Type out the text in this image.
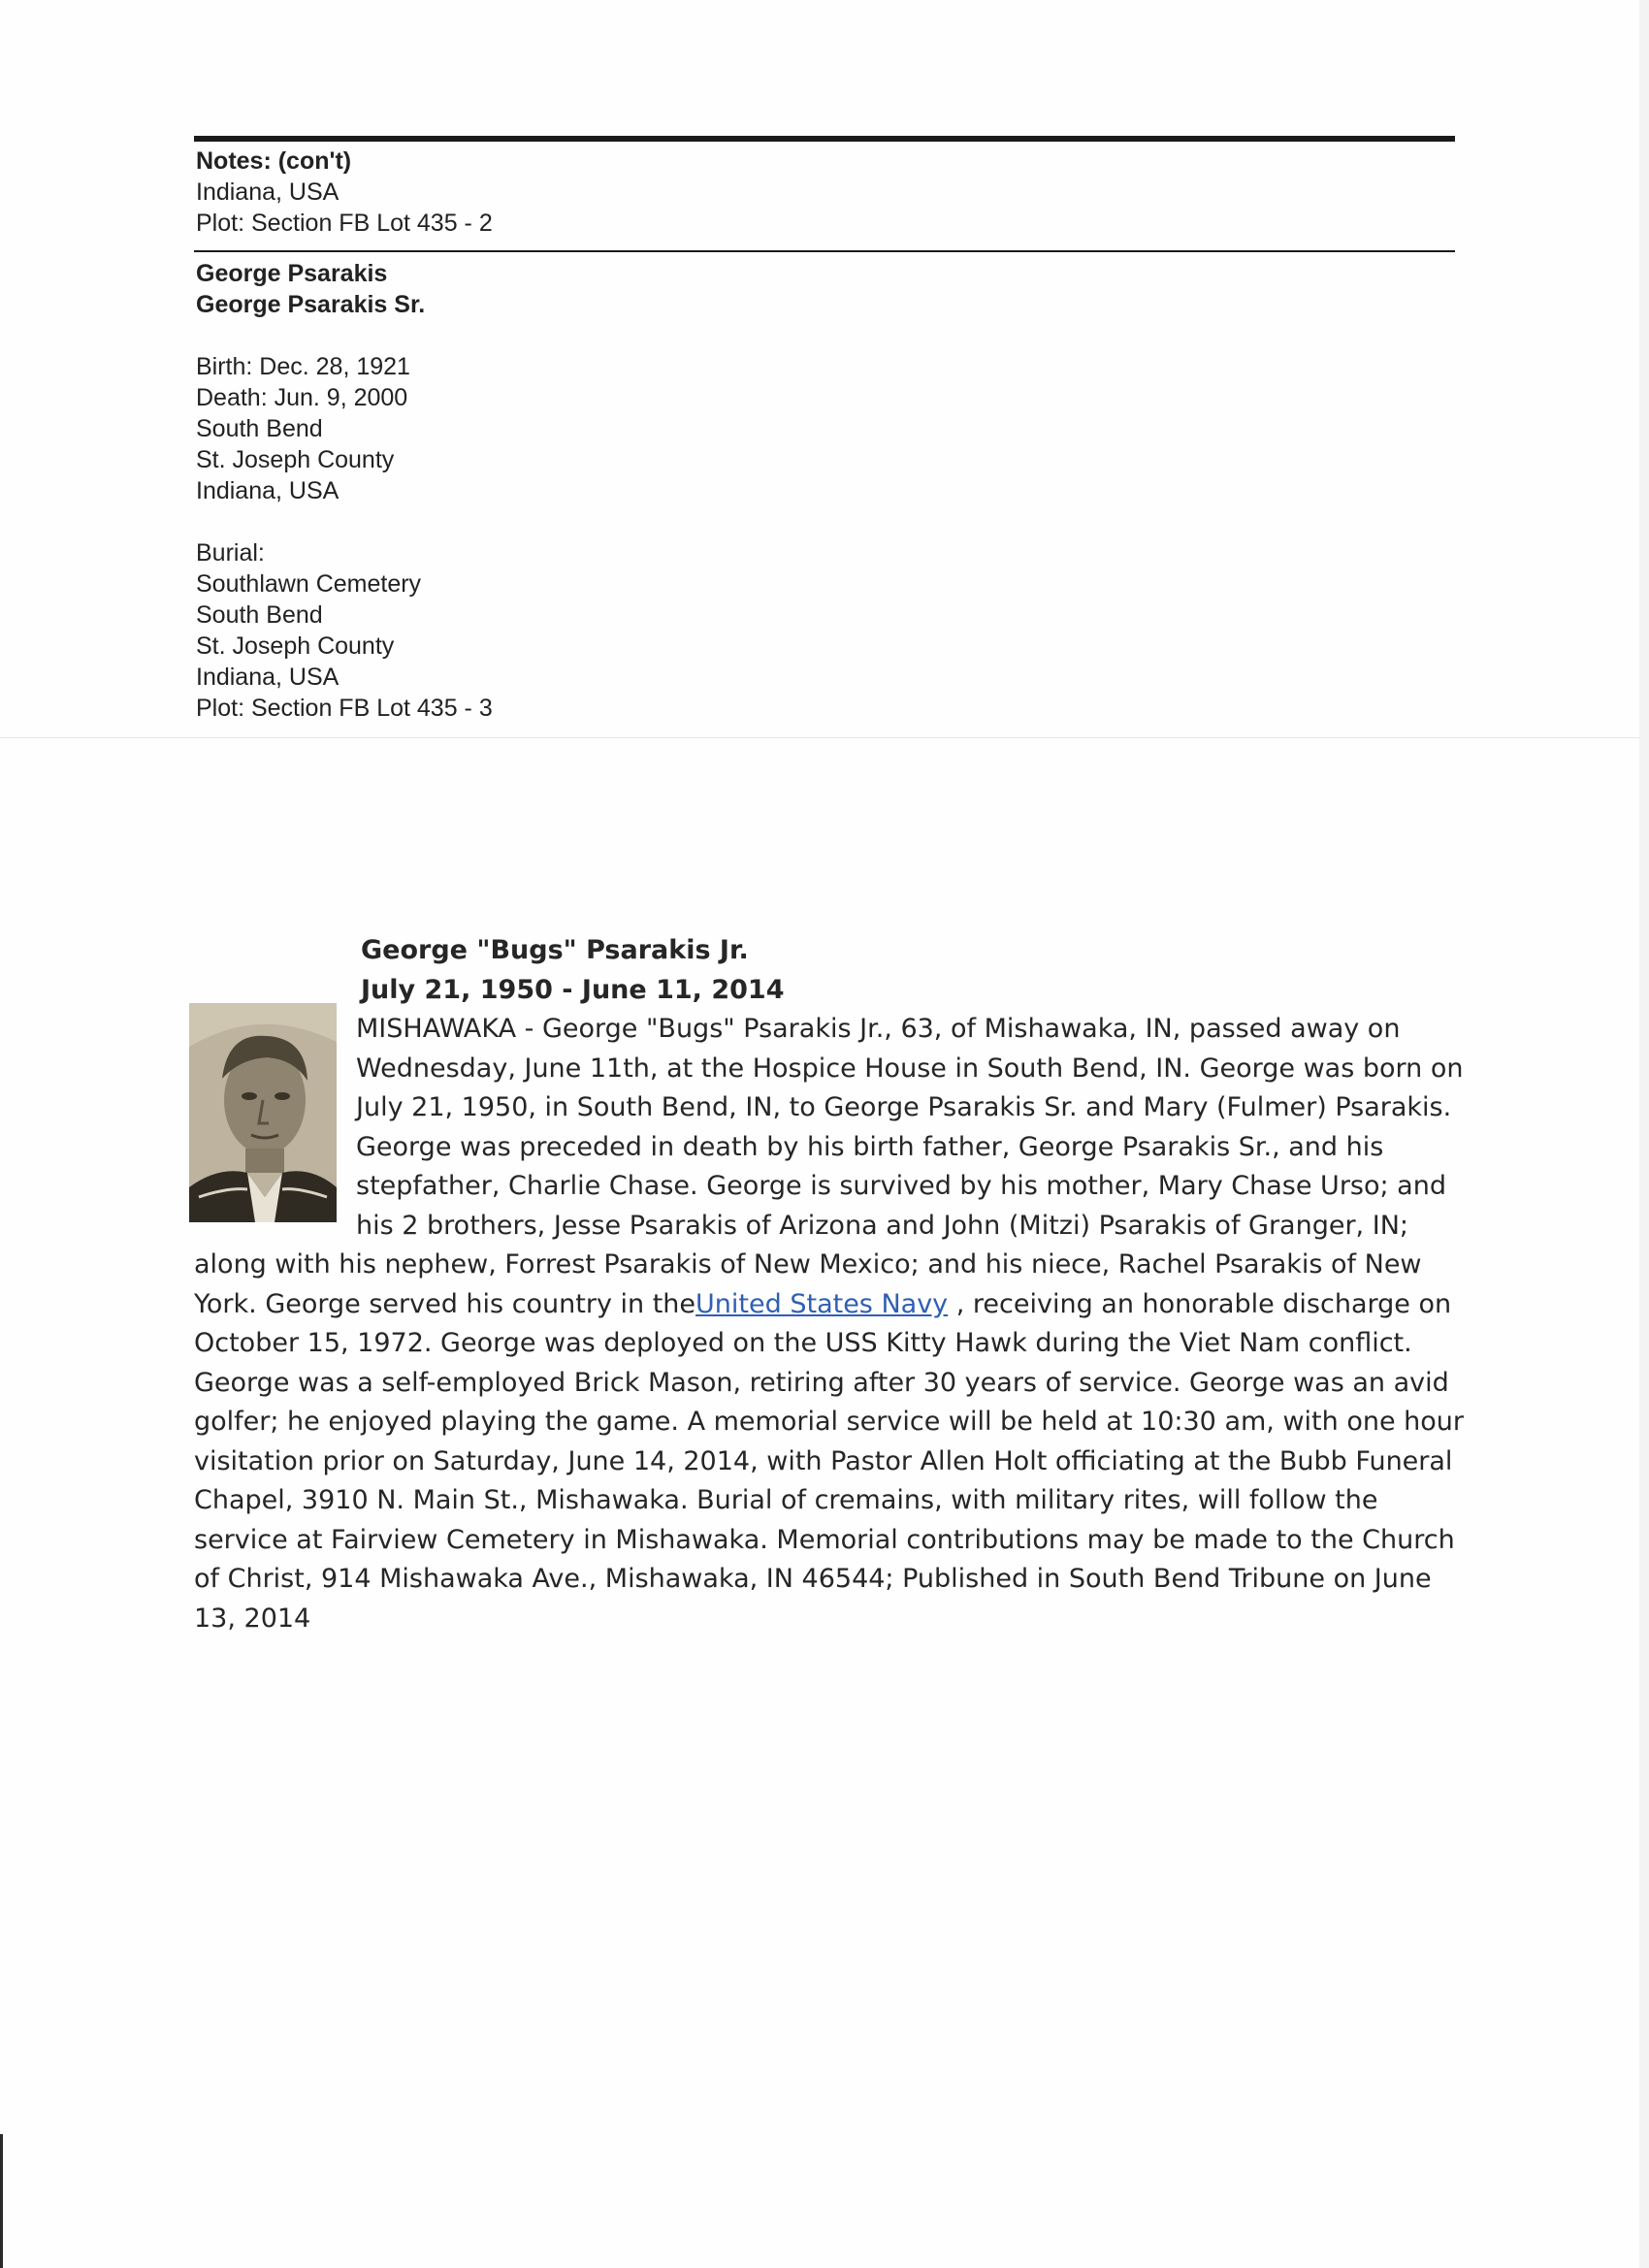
Notes: (con't)
Indiana, USA
Plot: Section FB Lot 435 - 2
George Psarakis
George Psarakis Sr.
Birth: Dec. 28, 1921
Death: Jun. 9, 2000
South Bend
St. Joseph County
Indiana, USA
Burial:
Southlawn Cemetery
South Bend
St. Joseph County
Indiana, USA
Plot: Section FB Lot 435 - 3
George "Bugs" Psarakis Jr.
July 21, 1950 - June 11, 2014
MISHAWAKA - George "Bugs" Psarakis Jr., 63, of Mishawaka, IN, passed away on Wednesday, June 11th, at the Hospice House in South Bend, IN. George was born on July 21, 1950, in South Bend, IN, to George Psarakis Sr. and Mary (Fulmer) Psarakis. George was preceded in death by his birth father, George Psarakis Sr., and his stepfather, Charlie Chase. George is survived by his mother, Mary Chase Urso; and his 2 brothers, Jesse Psarakis of Arizona and John (Mitzi) Psarakis of Granger, IN; along with his nephew, Forrest Psarakis of New Mexico; and his niece, Rachel Psarakis of New York. George served his country in theUnited States Navy , receiving an honorable discharge on October 15, 1972. George was deployed on the USS Kitty Hawk during the Viet Nam conflict. George was a self-employed Brick Mason, retiring after 30 years of service. George was an avid golfer; he enjoyed playing the game. A memorial service will be held at 10:30 am, with one hour visitation prior on Saturday, June 14, 2014, with Pastor Allen Holt officiating at the Bubb Funeral Chapel, 3910 N. Main St., Mishawaka. Burial of cremains, with military rites, will follow the service at Fairview Cemetery in Mishawaka. Memorial contributions may be made to the Church of Christ, 914 Mishawaka Ave., Mishawaka, IN 46544; Published in South Bend Tribune on June 13, 2014
